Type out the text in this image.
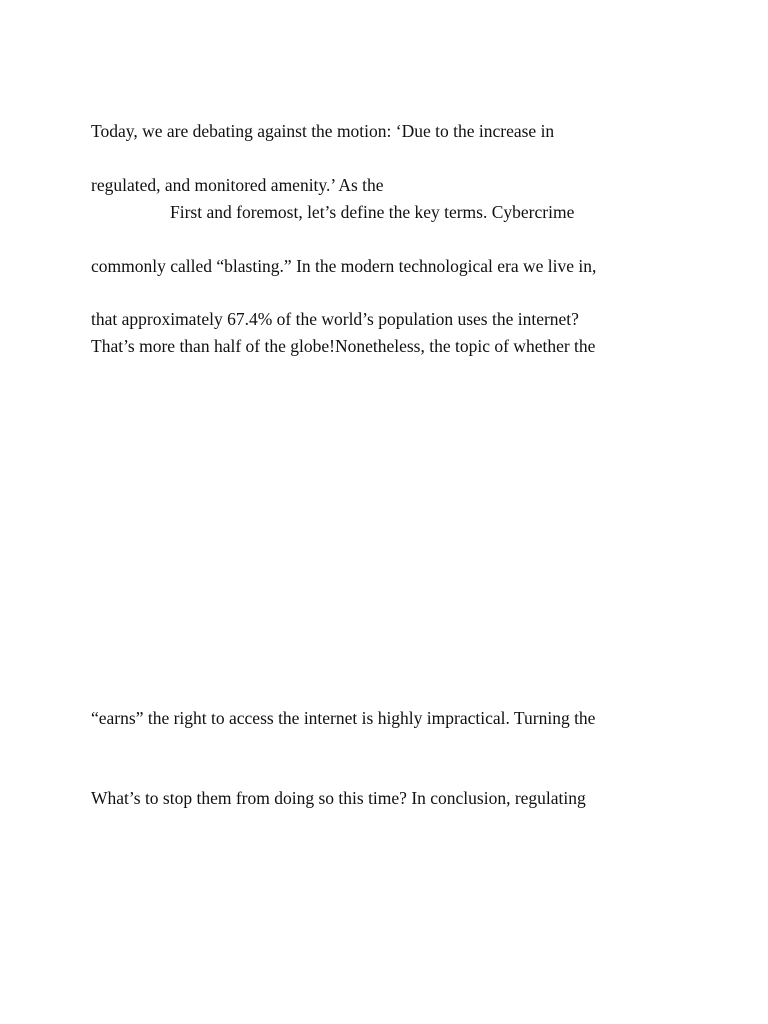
Today, we are debating against the motion: ‘Due to the increase in
regulated, and monitored amenity.’ As the
First and foremost, let’s define the key terms. Cybercrime
commonly called “blasting.” In the modern technological era we live in,
that approximately 67.4% of the world’s population uses the internet?
That’s more than half of the globe!Nonetheless, the topic of whether the
“earns” the right to access the internet is highly impractical. Turning the
What’s to stop them from doing so this time? In conclusion, regulating
